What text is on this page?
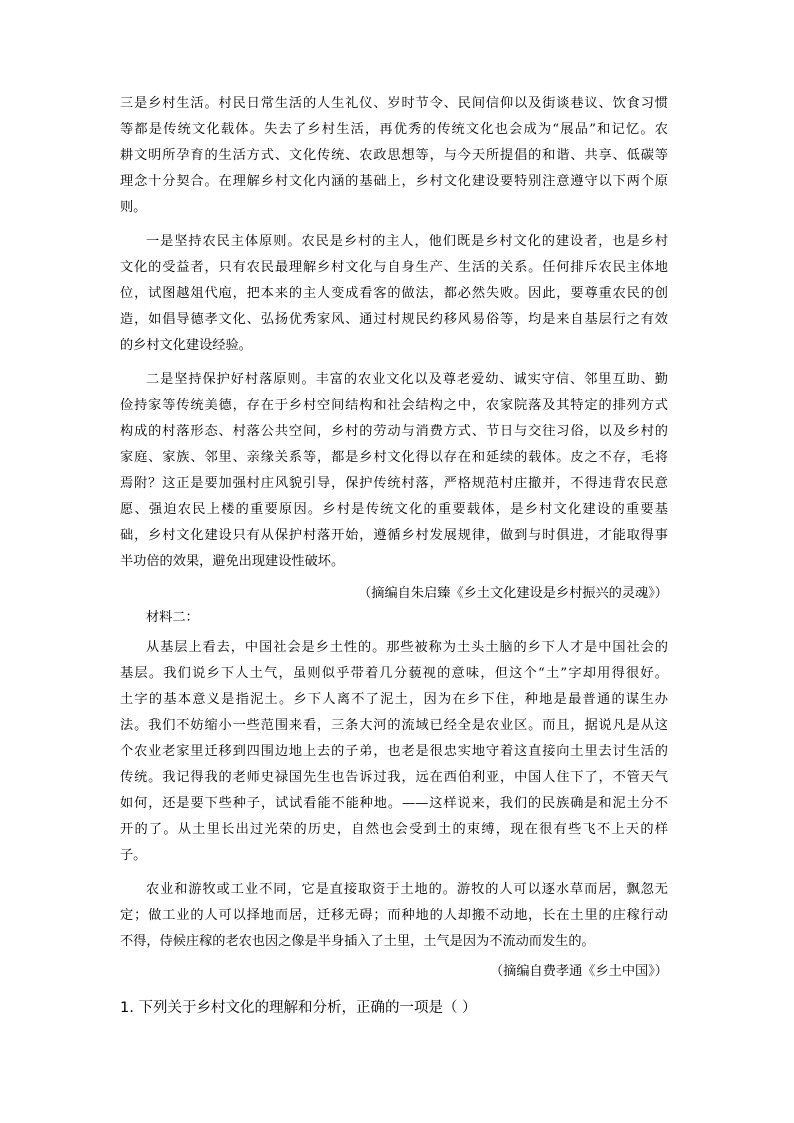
三是乡村生活。村民日常生活的人生礼仪、岁时节令、民间信仰以及街谈巷议、饮食习惯
等都是传统文化载体。失去了乡村生活，再优秀的传统文化也会成为“展品”和记忆。农
耕文明所孕育的生活方式、文化传统、农政思想等，与今天所提倡的和谐、共享、低碳等
理念十分契合。在理解乡村文化内涵的基础上，乡村文化建设要特别注意遵守以下两个原
则。
一是坚持农民主体原则。农民是乡村的主人，他们既是乡村文化的建设者，也是乡村
文化的受益者，只有农民最理解乡村文化与自身生产、生活的关系。任何排斥农民主体地
位，试图越俎代庖，把本来的主人变成看客的做法，都必然失败。因此，要尊重农民的创
造，如倡导德孝文化、弘扬优秀家风、通过村规民约移风易俗等，均是来自基层行之有效
的乡村文化建设经验。
二是坚持保护好村落原则。丰富的农业文化以及尊老爱幼、诚实守信、邻里互助、勤
俭持家等传统美德，存在于乡村空间结构和社会结构之中，农家院落及其特定的排列方式
构成的村落形态、村落公共空间，乡村的劳动与消费方式、节日与交往习俗，以及乡村的
家庭、家族、邻里、亲缘关系等，都是乡村文化得以存在和延续的载体。皮之不存，毛将
焉附？这正是要加强村庄风貌引导，保护传统村落，严格规范村庄撤并，不得违背农民意
愿、强迫农民上楼的重要原因。乡村是传统文化的重要载体，是乡村文化建设的重要基
础，乡村文化建设只有从保护村落开始，遵循乡村发展规律，做到与时俱进，才能取得事
半功倍的效果，避免出现建设性破坏。
（摘编自朱启臻《乡土文化建设是乡村振兴的灵魂》）
材料二：
从基层上看去，中国社会是乡土性的。那些被称为土头土脑的乡下人才是中国社会的
基层。我们说乡下人土气，虽则似乎带着几分藐视的意味，但这个“土”字却用得很好。
土字的基本意义是指泥土。乡下人离不了泥土，因为在乡下住，种地是最普通的谋生办
法。我们不妨缩小一些范围来看，三条大河的流域已经全是农业区。而且，据说凡是从这
个农业老家里迁移到四围边地上去的子弟，也老是很忠实地守着这直接向土里去讨生活的
传统。我记得我的老师史禄国先生也告诉过我，远在西伯利亚，中国人住下了，不管天气
如何，还是要下些种子，试试看能不能种地。——这样说来，我们的民族确是和泥土分不
开的了。从土里长出过光荣的历史，自然也会受到土的束缚，现在很有些飞不上天的样
子。
农业和游牧或工业不同，它是直接取资于土地的。游牧的人可以逐水草而居，飘忽无
定；做工业的人可以择地而居，迁移无碍；而种地的人却搬不动地，长在土里的庄稼行动
不得，侍候庄稼的老农也因之像是半身插入了土里，土气是因为不流动而发生的。
（摘编自费孝通《乡土中国》）
1. 下列关于乡村文化的理解和分析，正确的一项是（ ）
